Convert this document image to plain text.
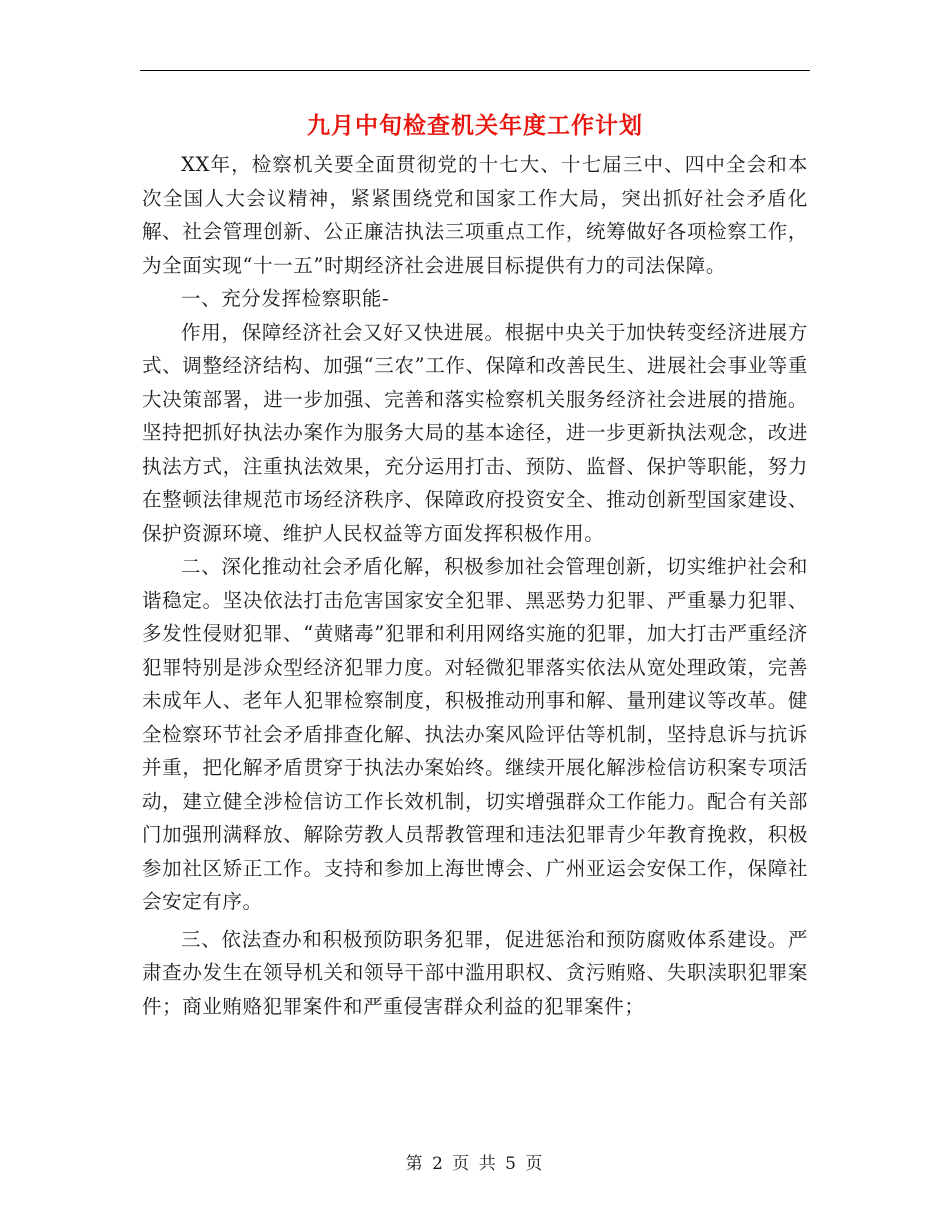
九月中旬检查机关年度工作计划

XX年，检察机关要全面贯彻党的十七大、十七届三中、四中全会和本次全国人大会议精神，紧紧围绕党和国家工作大局，突出抓好社会矛盾化解、社会管理创新、公正廉洁执法三项重点工作，统筹做好各项检察工作，为全面实现“十一五”时期经济社会进展目标提供有力的司法保障。

一、充分发挥检察职能-

作用，保障经济社会又好又快进展。根据中央关于加快转变经济进展方式、调整经济结构、加强“三农”工作、保障和改善民生、进展社会事业等重大决策部署，进一步加强、完善和落实检察机关服务经济社会进展的措施。坚持把抓好执法办案作为服务大局的基本途径，进一步更新执法观念，改进执法方式，注重执法效果，充分运用打击、预防、监督、保护等职能，努力在整顿法律规范市场经济秩序、保障政府投资安全、推动创新型国家建设、保护资源环境、维护人民权益等方面发挥积极作用。

二、深化推动社会矛盾化解，积极参加社会管理创新，切实维护社会和谐稳定。坚决依法打击危害国家安全犯罪、黑恶势力犯罪、严重暴力犯罪、多发性侵财犯罪、“黄赌毒”犯罪和利用网络实施的犯罪，加大打击严重经济犯罪特别是涉众型经济犯罪力度。对轻微犯罪落实依法从宽处理政策，完善未成年人、老年人犯罪检察制度，积极推动刑事和解、量刑建议等改革。健全检察环节社会矛盾排查化解、执法办案风险评估等机制，坚持息诉与抗诉并重，把化解矛盾贯穿于执法办案始终。继续开展化解涉检信访积案专项活动，建立健全涉检信访工作长效机制，切实增强群众工作能力。配合有关部门加强刑满释放、解除劳教人员帮教管理和违法犯罪青少年教育挽救，积极参加社区矫正工作。支持和参加上海世博会、广州亚运会安保工作，保障社会安定有序。

三、依法查办和积极预防职务犯罪，促进惩治和预防腐败体系建设。严肃查办发生在领导机关和领导干部中滥用职权、贪污贿赂、失职渎职犯罪案件；商业贿赂犯罪案件和严重侵害群众利益的犯罪案件；

第 2 页 共 5 页
